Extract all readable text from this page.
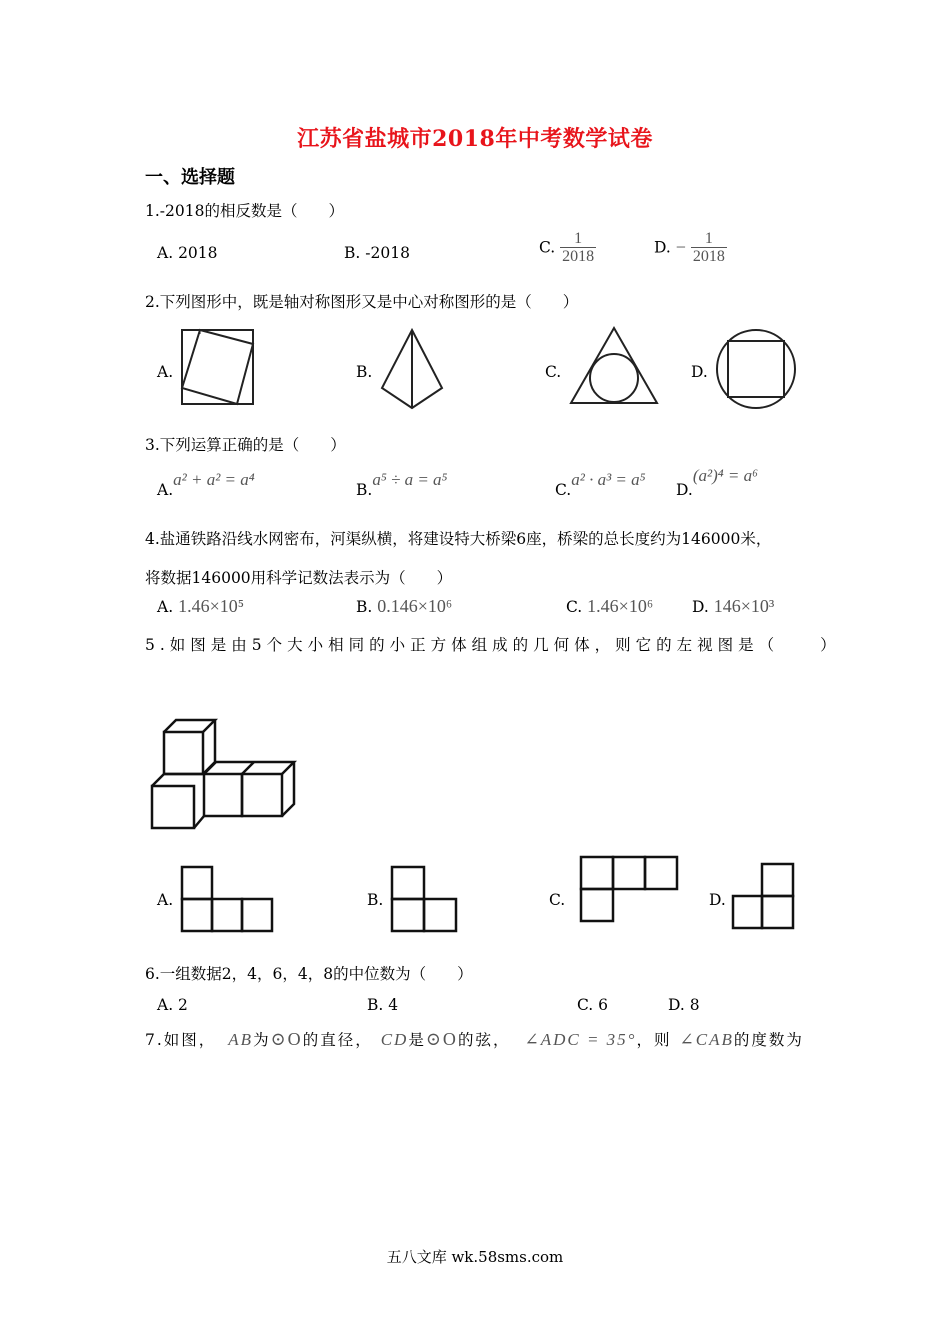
江苏省盐城市2018年中考数学试卷
一、选择题
1.-2018的相反数是（　　）
A. 2018	B. -2018	C. $\frac{1}{2018}$	D. − $\frac{1}{2018}$
2.下列图形中，既是轴对称图形又是中心对称图形的是（　　）
A.	B.	C.	D.
3.下列运算正确的是（　　）
A.a² + a² = a⁴
B.a⁵ ÷ a = a⁵
C.a² · a³ = a⁵
D.(a²)⁴ = a⁶
4.盐通铁路沿线水网密布，河渠纵横，将建设特大桥梁6座，桥梁的总长度约为146000米，
将数据146000用科学记数法表示为（　　）
A. 1.46×10⁵	B. 0.146×10⁶	C. 1.46×10⁶	D. 146×10³
5.如图是由5个大小相同的小正方体组成的几何体，则它的左视图是（　　）
A.	B.	C.	D.
6.一组数据2，4，6，4，8的中位数为（　　）
A. 2	B. 4	C. 6	D. 8
7.如图， AB为⊙O的直径， CD是⊙O的弦， ∠ADC = 35°，则 ∠CAB的度数为
五八文库 wk.58sms.com
